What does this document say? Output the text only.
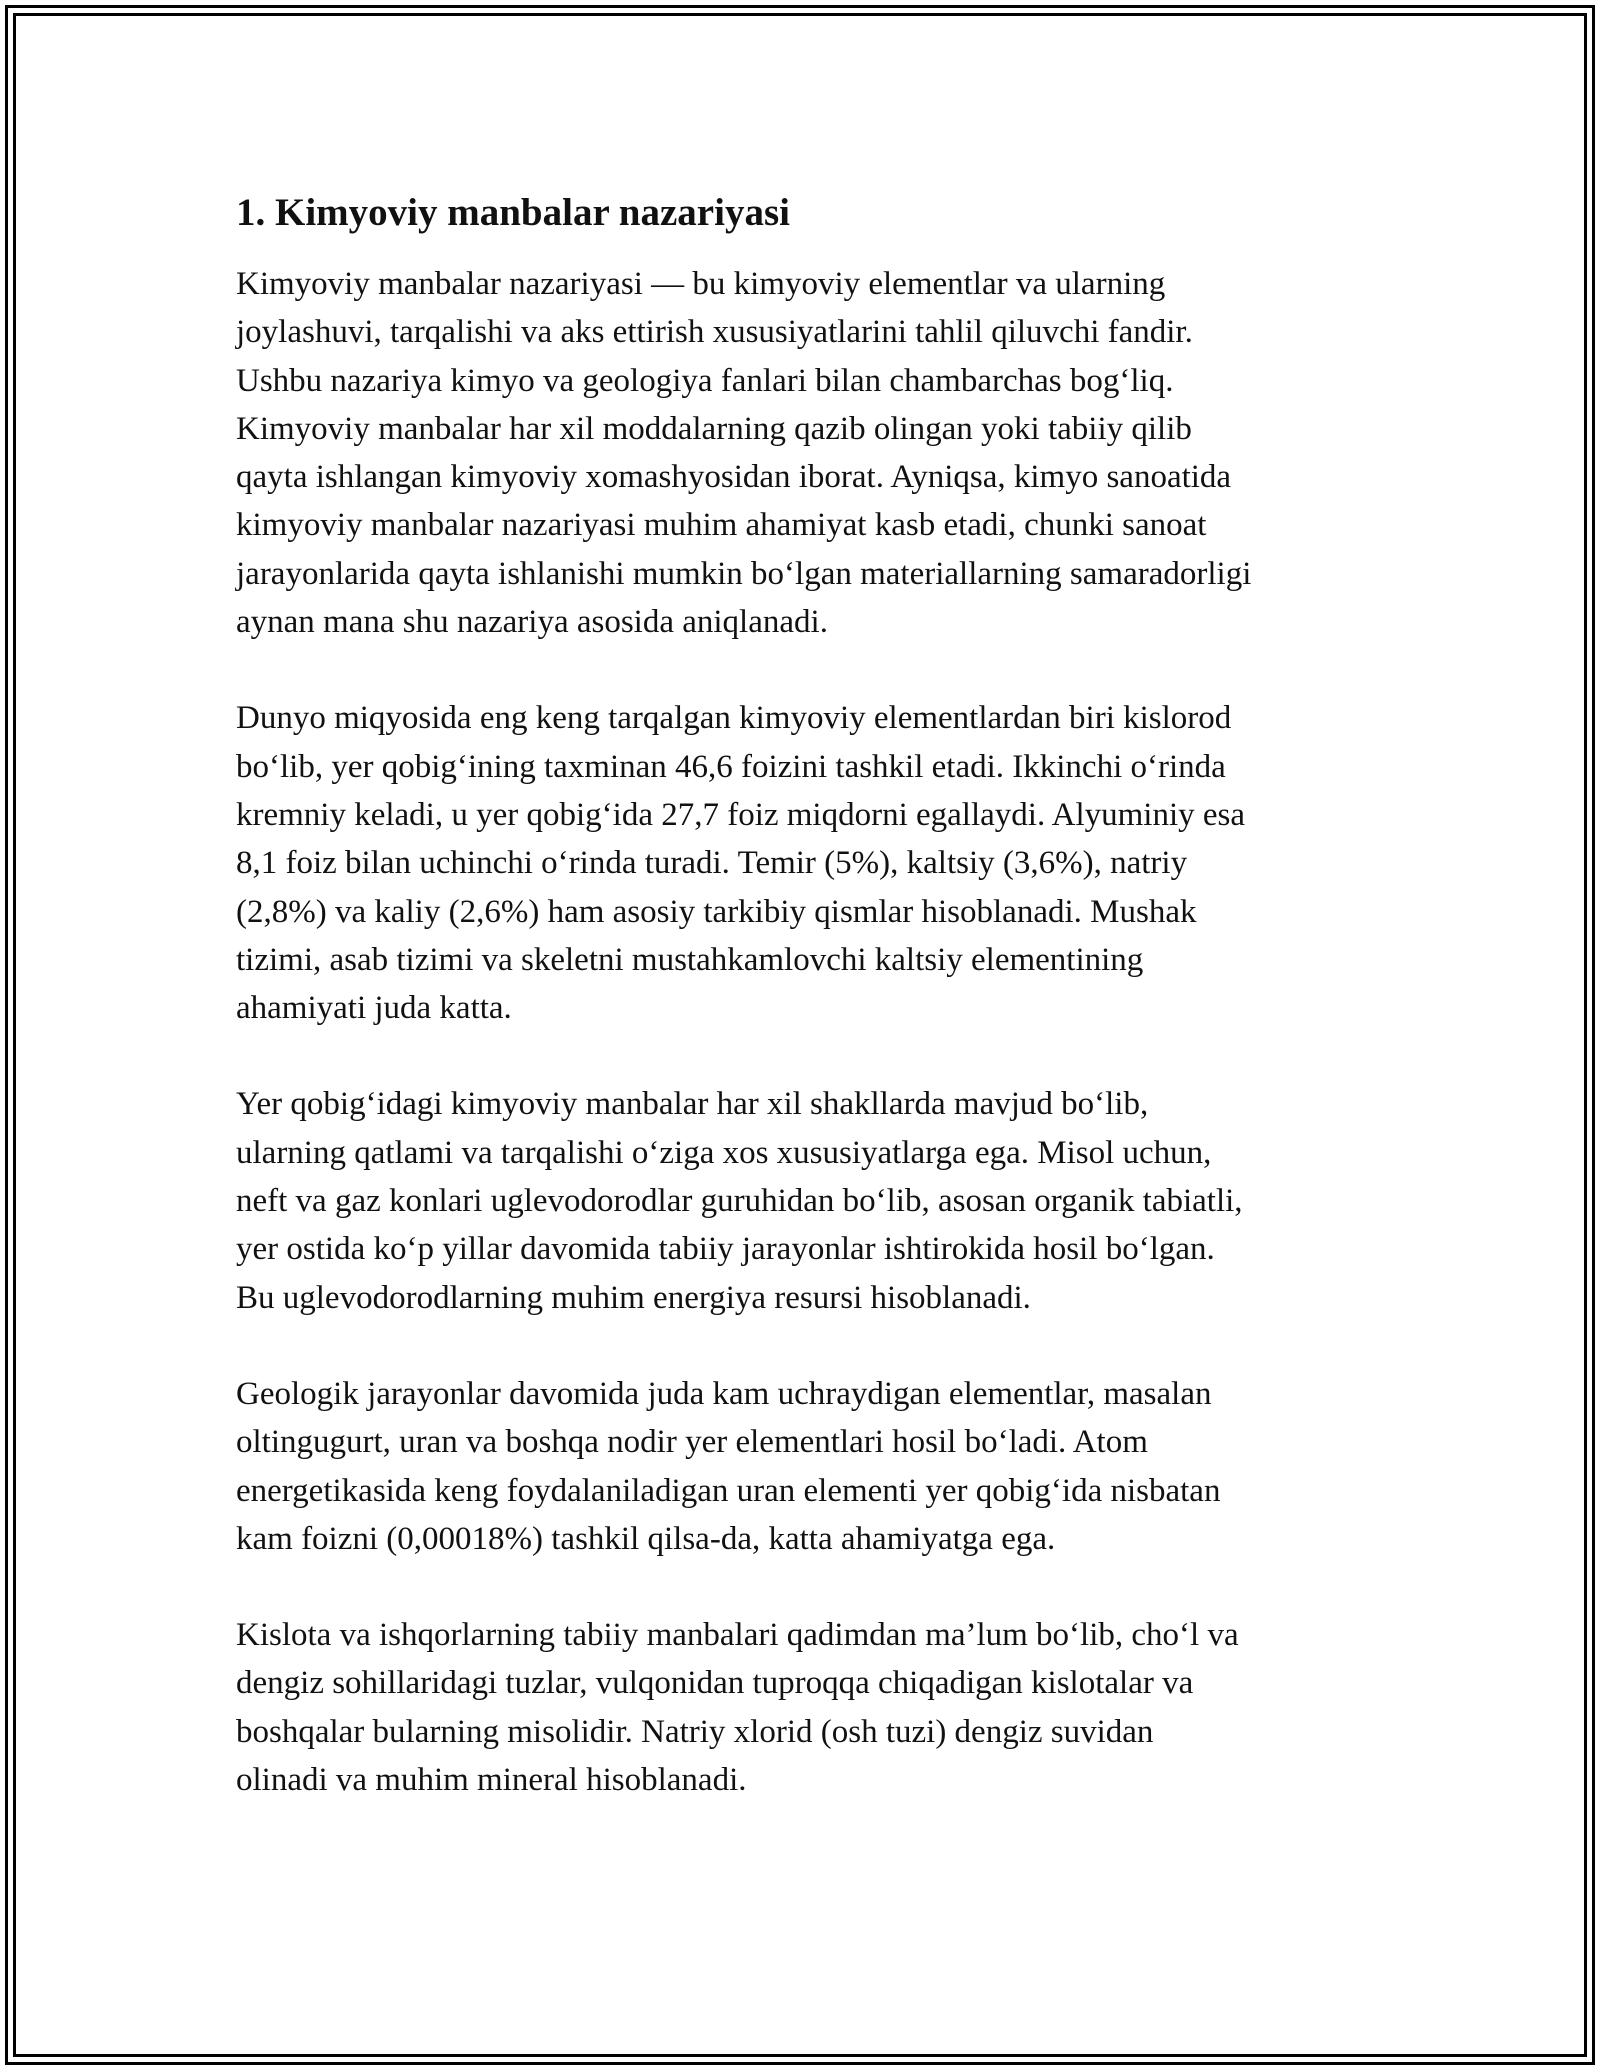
1. Kimyoviy manbalar nazariyasi

Kimyoviy manbalar nazariyasi — bu kimyoviy elementlar va ularning
joylashuvi, tarqalishi va aks ettirish xususiyatlarini tahlil qiluvchi fandir.
Ushbu nazariya kimyo va geologiya fanlari bilan chambarchas bog‘liq.
Kimyoviy manbalar har xil moddalarning qazib olingan yoki tabiiy qilib
qayta ishlangan kimyoviy xomashyosidan iborat. Ayniqsa, kimyo sanoatida
kimyoviy manbalar nazariyasi muhim ahamiyat kasb etadi, chunki sanoat
jarayonlarida qayta ishlanishi mumkin bo‘lgan materiallarning samaradorligi
aynan mana shu nazariya asosida aniqlanadi.

Dunyo miqyosida eng keng tarqalgan kimyoviy elementlardan biri kislorod
bo‘lib, yer qobig‘ining taxminan 46,6 foizini tashkil etadi. Ikkinchi o‘rinda
kremniy keladi, u yer qobig‘ida 27,7 foiz miqdorni egallaydi. Alyuminiy esa
8,1 foiz bilan uchinchi o‘rinda turadi. Temir (5%), kaltsiy (3,6%), natriy
(2,8%) va kaliy (2,6%) ham asosiy tarkibiy qismlar hisoblanadi. Mushak
tizimi, asab tizimi va skeletni mustahkamlovchi kaltsiy elementining
ahamiyati juda katta.

Yer qobig‘idagi kimyoviy manbalar har xil shakllarda mavjud bo‘lib,
ularning qatlami va tarqalishi o‘ziga xos xususiyatlarga ega. Misol uchun,
neft va gaz konlari uglevodorodlar guruhidan bo‘lib, asosan organik tabiatli,
yer ostida ko‘p yillar davomida tabiiy jarayonlar ishtirokida hosil bo‘lgan.
Bu uglevodorodlarning muhim energiya resursi hisoblanadi.

Geologik jarayonlar davomida juda kam uchraydigan elementlar, masalan
oltingugurt, uran va boshqa nodir yer elementlari hosil bo‘ladi. Atom
energetikasida keng foydalaniladigan uran elementi yer qobig‘ida nisbatan
kam foizni (0,00018%) tashkil qilsa-da, katta ahamiyatga ega.

Kislota va ishqorlarning tabiiy manbalari qadimdan ma’lum bo‘lib, cho‘l va
dengiz sohillaridagi tuzlar, vulqonidan tuproqqa chiqadigan kislotalar va
boshqalar bularning misolidir. Natriy xlorid (osh tuzi) dengiz suvidan
olinadi va muhim mineral hisoblanadi.
